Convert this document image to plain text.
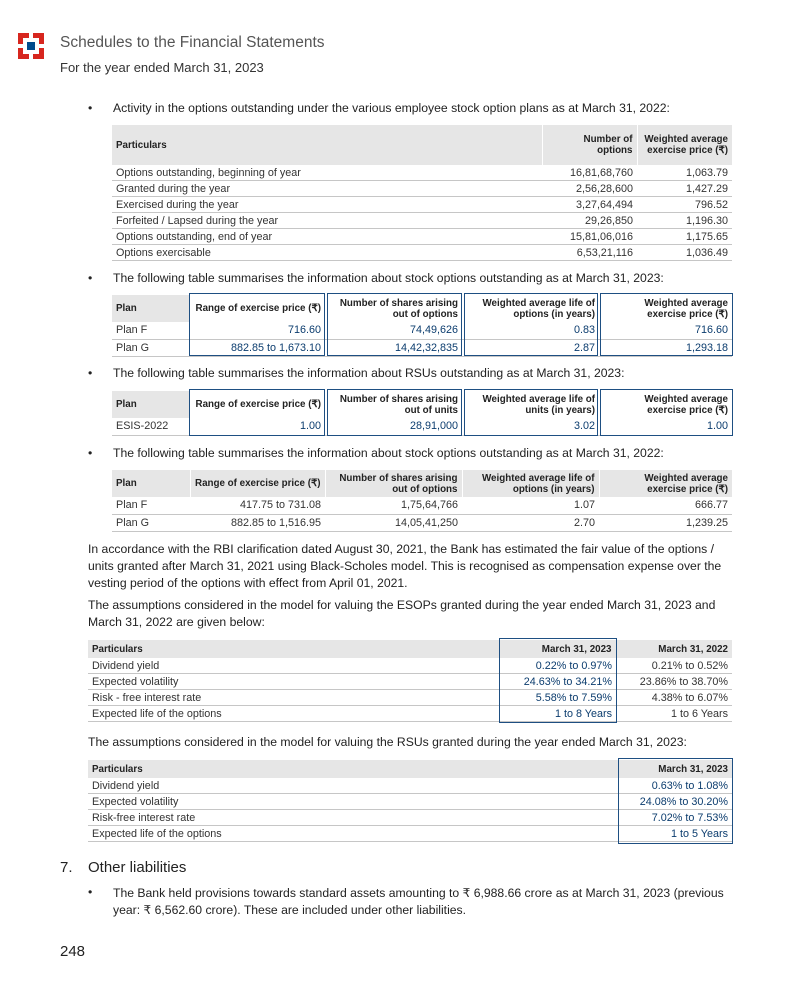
Schedules to the Financial Statements
For the year ended March 31, 2023
• Activity in the options outstanding under the various employee stock option plans as at March 31, 2022:
Particulars	Number of options	Weighted average exercise price (₹)
Options outstanding, beginning of year	16,81,68,760	1,063.79
Granted during the year	2,56,28,600	1,427.29
Exercised during the year	3,27,64,494	796.52
Forfeited / Lapsed during the year	29,26,850	1,196.30
Options outstanding, end of year	15,81,06,016	1,175.65
Options exercisable	6,53,21,116	1,036.49
• The following table summarises the information about stock options outstanding as at March 31, 2023:
Plan	Range of exercise price (₹)	Number of shares arising out of options	Weighted average life of options (in years)	Weighted average exercise price (₹)
Plan F	716.60	74,49,626	0.83	716.60
Plan G	882.85 to 1,673.10	14,42,32,835	2.87	1,293.18
• The following table summarises the information about RSUs outstanding as at March 31, 2023:
Plan	Range of exercise price (₹)	Number of shares arising out of units	Weighted average life of units (in years)	Weighted average exercise price (₹)
ESIS-2022	1.00	28,91,000	3.02	1.00
• The following table summarises the information about stock options outstanding as at March 31, 2022:
Plan	Range of exercise price (₹)	Number of shares arising out of options	Weighted average life of options (in years)	Weighted average exercise price (₹)
Plan F	417.75 to 731.08	1,75,64,766	1.07	666.77
Plan G	882.85 to 1,516.95	14,05,41,250	2.70	1,239.25
In accordance with the RBI clarification dated August 30, 2021, the Bank has estimated the fair value of the options / units granted after March 31, 2021 using Black-Scholes model. This is recognised as compensation expense over the vesting period of the options with effect from April 01, 2021.
The assumptions considered in the model for valuing the ESOPs granted during the year ended March 31, 2023 and March 31, 2022 are given below:
Particulars	March 31, 2023	March 31, 2022
Dividend yield	0.22% to 0.97%	0.21% to 0.52%
Expected volatility	24.63% to 34.21%	23.86% to 38.70%
Risk - free interest rate	5.58% to 7.59%	4.38% to 6.07%
Expected life of the options	1 to 8 Years	1 to 6 Years
The assumptions considered in the model for valuing the RSUs granted during the year ended March 31, 2023:
Particulars	March 31, 2023
Dividend yield	0.63% to 1.08%
Expected volatility	24.08% to 30.20%
Risk-free interest rate	7.02% to 7.53%
Expected life of the options	1 to 5 Years
7. Other liabilities
• The Bank held provisions towards standard assets amounting to ₹ 6,988.66 crore as at March 31, 2023 (previous year: ₹ 6,562.60 crore). These are included under other liabilities.
248
